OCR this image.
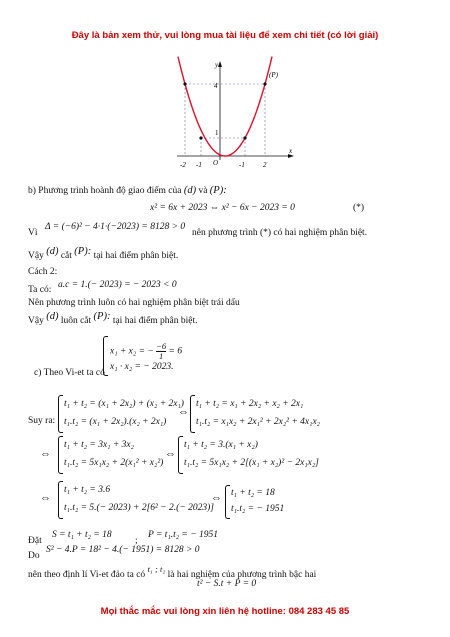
Đây là bản xem thử, vui lòng mua tài liệu để xem chi tiết (có lời giải)
y
x
(P)
4
1
O
-2 -1	-1	2
b) Phương trình hoành độ giao điểm của (d) và (P):
x² = 6x + 2023 ⇔ x² − 6x − 2023 = 0	(*)
Vì
Δ = (−6)² − 4·1·(−2023) = 8128 > 0
nên phương trình (*) có hai nghiệm phân biệt.
Vậy (d) cắt (P): tại hai điểm phân biệt.
Cách 2:
Ta có: a.c = 1.(− 2023) = − 2023 < 0
Nên phương trình luôn có hai nghiệm phân biệt trái dấu
Vậy (d) luôn cắt (P): tại hai điểm phân biệt.
x₁ + x₂ = − $\frac{-6}{1} = 6$
x₁ · x₂ = − 2023.
c) Theo Vi-et ta có
Suy ra:
t₁ + t₂ = (x₁ + 2x₂) + (x₂ + 2x₁)
t₁.t₂ = (x₁ + 2x₂).(x₂ + 2x₁)
⇔
t₁ + t₂ = x₁ + 2x₂ + x₂ + 2x₁
t₁.t₂ = x₁x₂ + 2x₁² + 2x₂² + 4x₁x₂
⇔
t₁ + t₂ = 3x₁ + 3x₂
t₁.t₂ = 5x₁x₂ + 2(x₁² + x₂²)
⇔
t₁ + t₂ = 3.(x₁ + x₂)
t₁.t₂ = 5x₁x₂ + 2[(x₁ + x₂)² − 2x₁x₂]
⇔
t₁ + t₂ = 3.6
t₁.t₂ = 5.(− 2023) + 2[6² − 2.(− 2023)]
⇔ t₁ + t₂ = 18
t₁.t₂ = − 1951
Đặt
S = t₁ + t₂ = 18
;
P = t₁.t₂ = − 1951
Do
S² − 4.P = 18² − 4.(− 1951) = 8128 > 0
nên theo định lí Vi-et đảo ta có t₁ ; t₂ là hai nghiệm của phương trình bậc hai
t² − S.t + P = 0
Mọi thắc mắc vui lòng xin liên hệ hotline: 084 283 45 85
